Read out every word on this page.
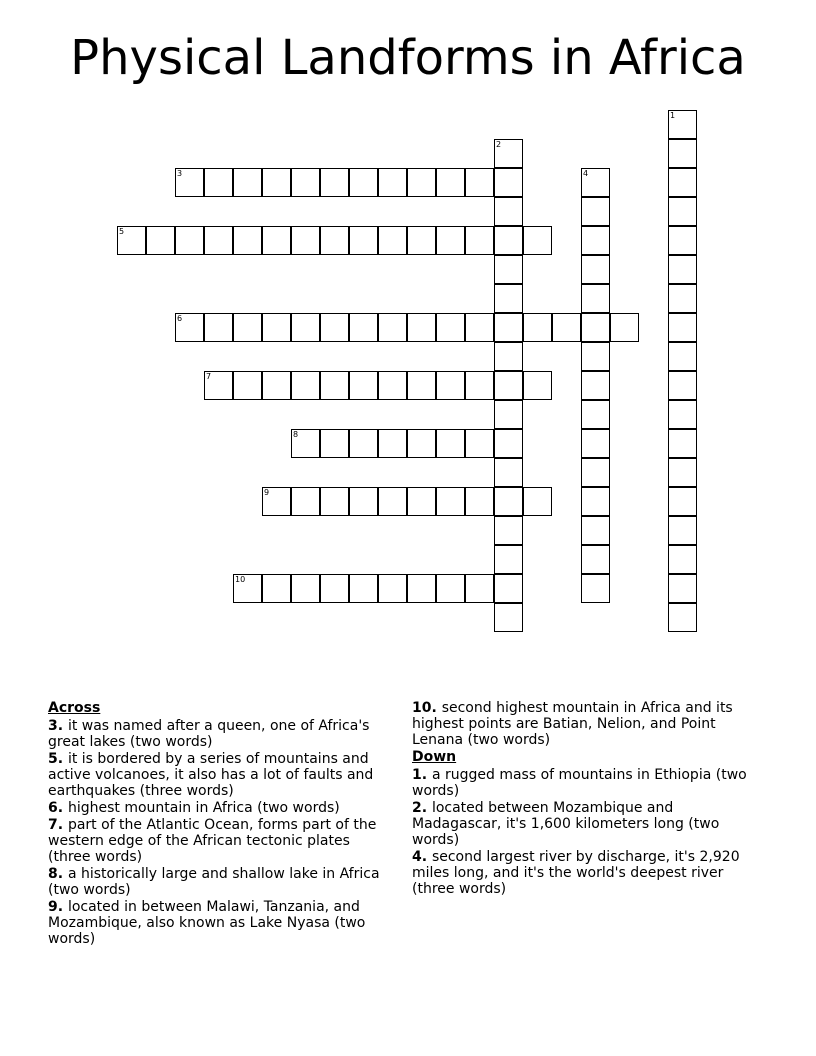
Physical Landforms in Africa
1
2
3	4
5
6
7
8
9
10
Across
3. it was named after a queen, one of Africa's great lakes (two words)
5. it is bordered by a series of mountains and active volcanoes, it also has a lot of faults and earthquakes (three words)
6. highest mountain in Africa (two words)
7. part of the Atlantic Ocean, forms part of the western edge of the African tectonic plates (three words)
8. a historically large and shallow lake in Africa (two words)
9. located in between Malawi, Tanzania, and Mozambique, also known as Lake Nyasa (two words)
10. second highest mountain in Africa and its highest points are Batian, Nelion, and Point Lenana (two words)
Down
1. a rugged mass of mountains in Ethiopia (two words)
2. located between Mozambique and Madagascar, it's 1,600 kilometers long (two words)
4. second largest river by discharge, it's 2,920 miles long, and it's the world's deepest river (three words)
